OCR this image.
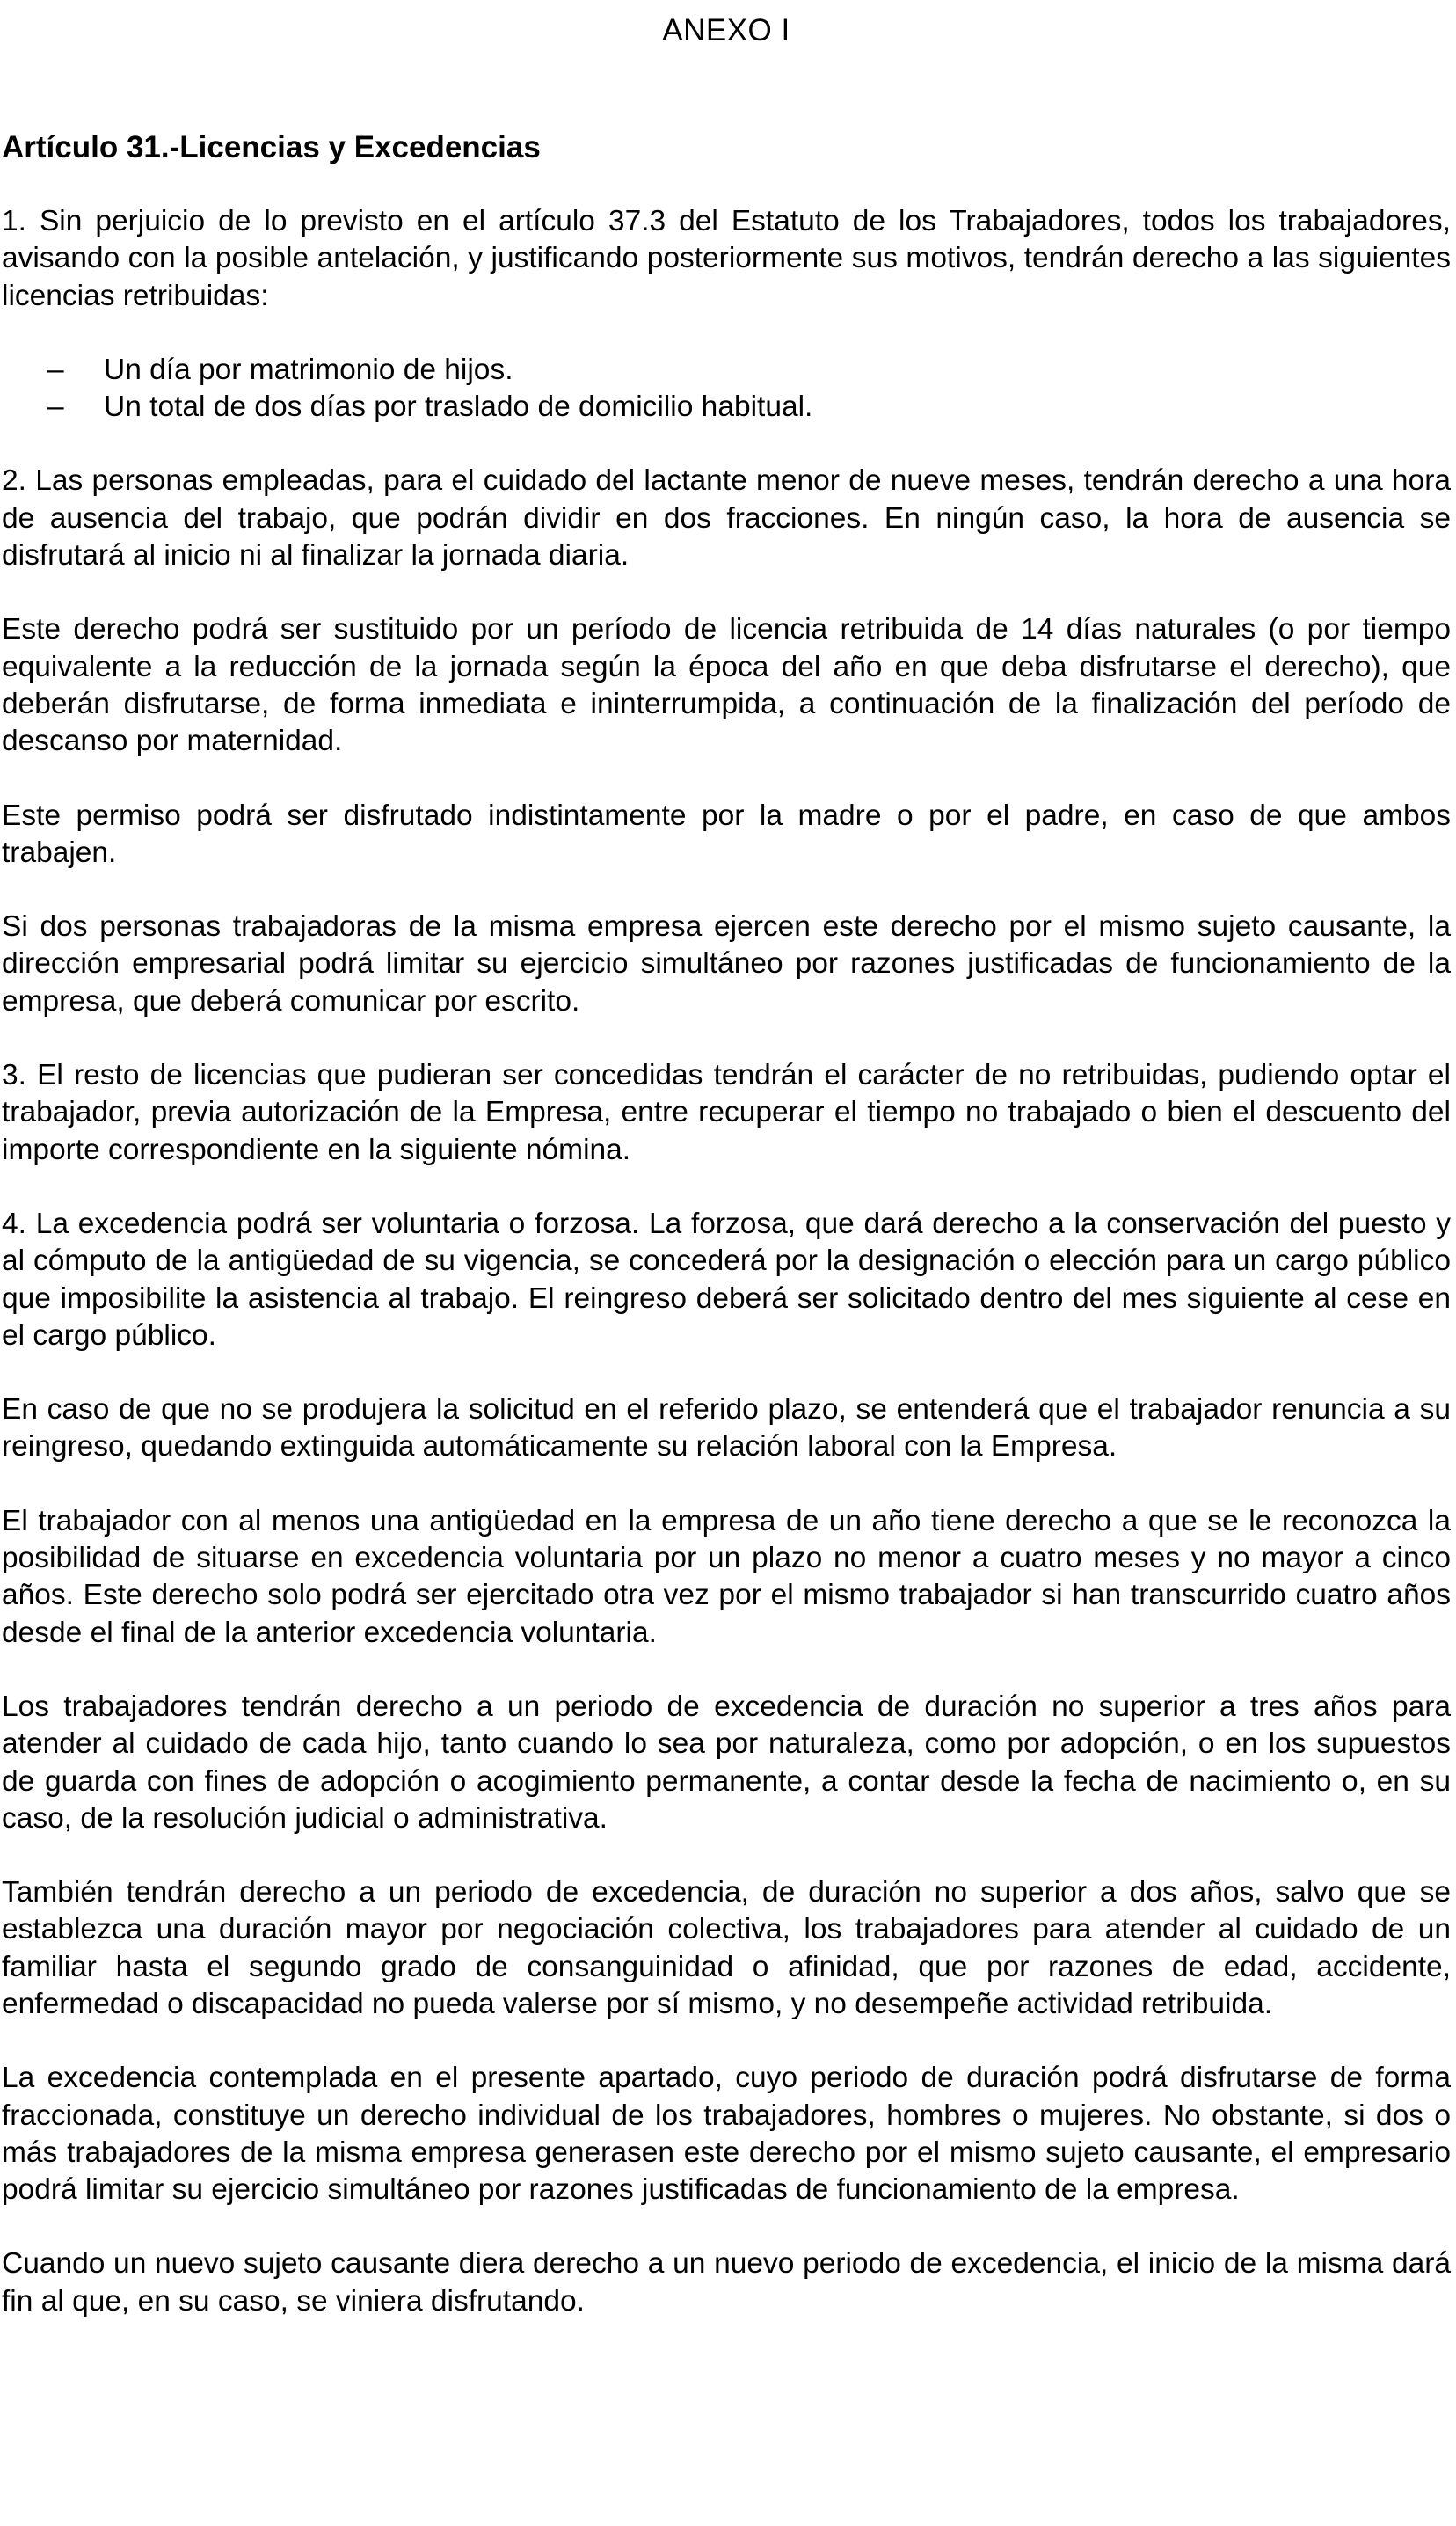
ANEXO I
Artículo 31.-Licencias y Excedencias

1. Sin perjuicio de lo previsto en el artículo 37.3 del Estatuto de los Trabajadores, todos los trabajadores, avisando con la posible antelación, y justificando posteriormente sus motivos, tendrán derecho a las siguientes licencias retribuidas:

– Un día por matrimonio de hijos.
– Un total de dos días por traslado de domicilio habitual.

2. Las personas empleadas, para el cuidado del lactante menor de nueve meses, tendrán derecho a una hora de ausencia del trabajo, que podrán dividir en dos fracciones. En ningún caso, la hora de ausencia se disfrutará al inicio ni al finalizar la jornada diaria.

Este derecho podrá ser sustituido por un período de licencia retribuida de 14 días naturales (o por tiempo equivalente a la reducción de la jornada según la época del año en que deba disfrutarse el derecho), que deberán disfrutarse, de forma inmediata e ininterrumpida, a continuación de la finalización del período de descanso por maternidad.

Este permiso podrá ser disfrutado indistintamente por la madre o por el padre, en caso de que ambos trabajen.

Si dos personas trabajadoras de la misma empresa ejercen este derecho por el mismo sujeto causante, la dirección empresarial podrá limitar su ejercicio simultáneo por razones justificadas de funcionamiento de la empresa, que deberá comunicar por escrito.

3. El resto de licencias que pudieran ser concedidas tendrán el carácter de no retribuidas, pudiendo optar el trabajador, previa autorización de la Empresa, entre recuperar el tiempo no trabajado o bien el descuento del importe correspondiente en la siguiente nómina.

4. La excedencia podrá ser voluntaria o forzosa. La forzosa, que dará derecho a la conservación del puesto y al cómputo de la antigüedad de su vigencia, se concederá por la designación o elección para un cargo público que imposibilite la asistencia al trabajo. El reingreso deberá ser solicitado dentro del mes siguiente al cese en el cargo público.

En caso de que no se produjera la solicitud en el referido plazo, se entenderá que el trabajador renuncia a su reingreso, quedando extinguida automáticamente su relación laboral con la Empresa.

El trabajador con al menos una antigüedad en la empresa de un año tiene derecho a que se le reconozca la posibilidad de situarse en excedencia voluntaria por un plazo no menor a cuatro meses y no mayor a cinco años. Este derecho solo podrá ser ejercitado otra vez por el mismo trabajador si han transcurrido cuatro años desde el final de la anterior excedencia voluntaria.

Los trabajadores tendrán derecho a un periodo de excedencia de duración no superior a tres años para atender al cuidado de cada hijo, tanto cuando lo sea por naturaleza, como por adopción, o en los supuestos de guarda con fines de adopción o acogimiento permanente, a contar desde la fecha de nacimiento o, en su caso, de la resolución judicial o administrativa.

También tendrán derecho a un periodo de excedencia, de duración no superior a dos años, salvo que se establezca una duración mayor por negociación colectiva, los trabajadores para atender al cuidado de un familiar hasta el segundo grado de consanguinidad o afinidad, que por razones de edad, accidente, enfermedad o discapacidad no pueda valerse por sí mismo, y no desempeñe actividad retribuida.

La excedencia contemplada en el presente apartado, cuyo periodo de duración podrá disfrutarse de forma fraccionada, constituye un derecho individual de los trabajadores, hombres o mujeres. No obstante, si dos o más trabajadores de la misma empresa generasen este derecho por el mismo sujeto causante, el empresario podrá limitar su ejercicio simultáneo por razones justificadas de funcionamiento de la empresa.

Cuando un nuevo sujeto causante diera derecho a un nuevo periodo de excedencia, el inicio de la misma dará fin al que, en su caso, se viniera disfrutando.
